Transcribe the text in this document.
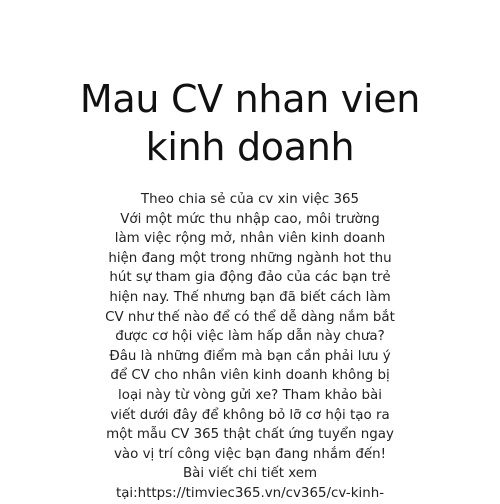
Mau CV nhan vien
kinh doanh
Theo chia sẻ của cv xin việc 365
Với một mức thu nhập cao, môi trường
làm việc rộng mở, nhân viên kinh doanh
hiện đang một trong những ngành hot thu
hút sự tham gia động đảo của các bạn trẻ
hiện nay. Thế nhưng bạn đã biết cách làm
CV như thế nào để có thể dễ dàng nắm bắt
được cơ hội việc làm hấp dẫn này chưa?
Đâu là những điểm mà bạn cần phải lưu ý
để CV cho nhân viên kinh doanh không bị
loại này từ vòng gửi xe? Tham khảo bài
viết dưới đây để không bỏ lỡ cơ hội tạo ra
một mẫu CV 365 thật chất ứng tuyển ngay
vào vị trí công việc bạn đang nhắm đến!
Bài viết chi tiết xem
tại:https://timviec365.vn/cv365/cv-kinh-
